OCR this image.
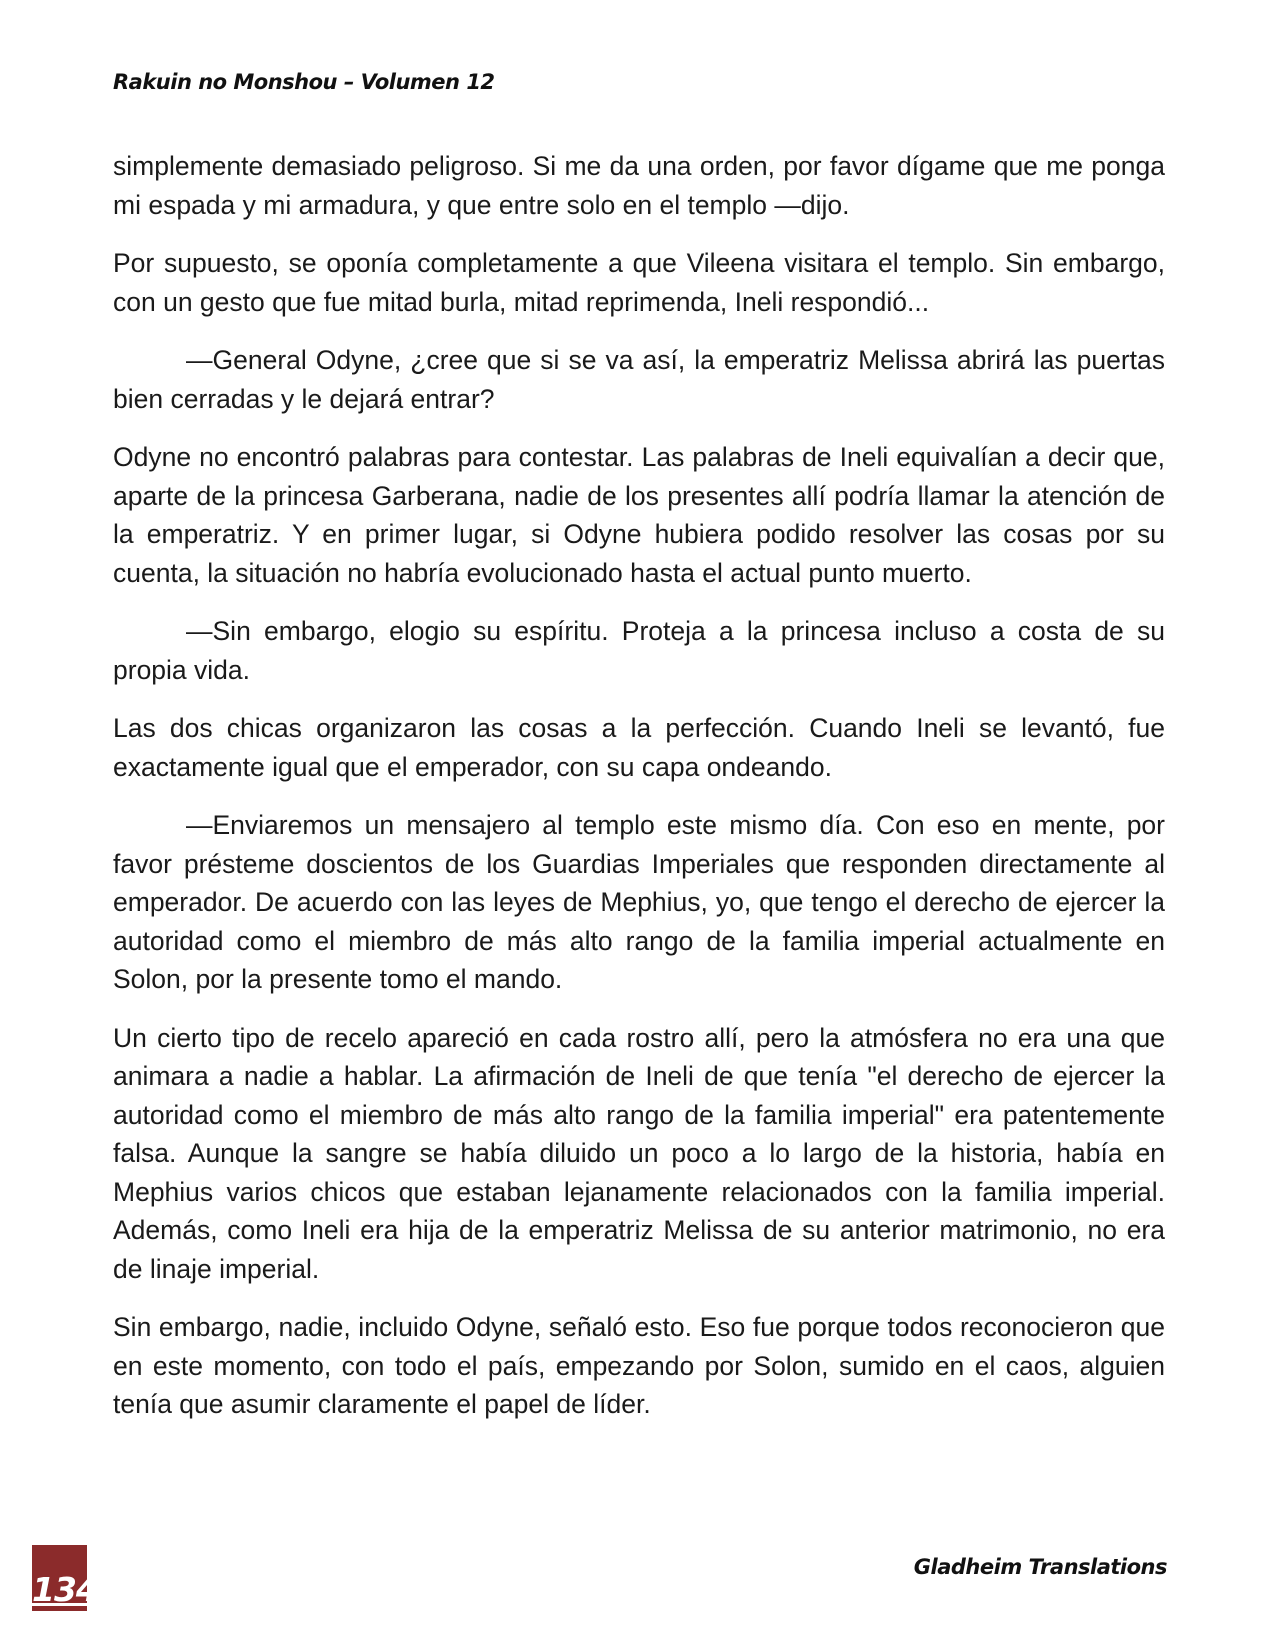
Rakuin no Monshou – Volumen 12

simplemente demasiado peligroso. Si me da una orden, por favor dígame que me ponga mi espada y mi armadura, y que entre solo en el templo —dijo.

Por supuesto, se oponía completamente a que Vileena visitara el templo. Sin embargo, con un gesto que fue mitad burla, mitad reprimenda, Ineli respondió...

—General Odyne, ¿cree que si se va así, la emperatriz Melissa abrirá las puertas bien cerradas y le dejará entrar?

Odyne no encontró palabras para contestar. Las palabras de Ineli equivalían a decir que, aparte de la princesa Garberana, nadie de los presentes allí podría llamar la atención de la emperatriz. Y en primer lugar, si Odyne hubiera podido resolver las cosas por su cuenta, la situación no habría evolucionado hasta el actual punto muerto.

—Sin embargo, elogio su espíritu. Proteja a la princesa incluso a costa de su propia vida.

Las dos chicas organizaron las cosas a la perfección. Cuando Ineli se levantó, fue exactamente igual que el emperador, con su capa ondeando.

—Enviaremos un mensajero al templo este mismo día. Con eso en mente, por favor présteme doscientos de los Guardias Imperiales que responden directamente al emperador. De acuerdo con las leyes de Mephius, yo, que tengo el derecho de ejercer la autoridad como el miembro de más alto rango de la familia imperial actualmente en Solon, por la presente tomo el mando.

Un cierto tipo de recelo apareció en cada rostro allí, pero la atmósfera no era una que animara a nadie a hablar. La afirmación de Ineli de que tenía "el derecho de ejercer la autoridad como el miembro de más alto rango de la familia imperial" era patentemente falsa. Aunque la sangre se había diluido un poco a lo largo de la historia, había en Mephius varios chicos que estaban lejanamente relacionados con la familia imperial. Además, como Ineli era hija de la emperatriz Melissa de su anterior matrimonio, no era de linaje imperial.

Sin embargo, nadie, incluido Odyne, señaló esto. Eso fue porque todos reconocieron que en este momento, con todo el país, empezando por Solon, sumido en el caos, alguien tenía que asumir claramente el papel de líder.

134
Gladheim Translations
